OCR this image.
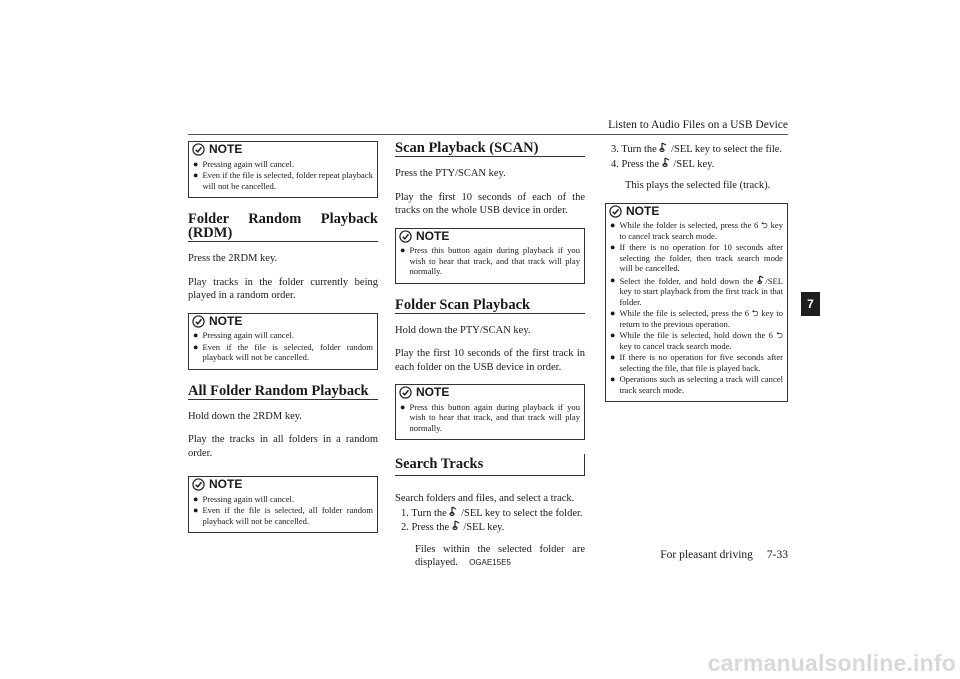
Listen to Audio Files on a USB Device
7
NOTE
● Pressing again will cancel.
● Even if the file is selected, folder repeat playback will not be cancelled.
Folder Random Playback (RDM)

Press the 2RDM key.

Play tracks in the folder currently being played in a random order.

NOTE
● Pressing again will cancel.
● Even if the file is selected, folder random playback will not be cancelled.
All Folder Random Playback

Hold down the 2RDM key.

Play the tracks in all folders in a random order.

NOTE
● Pressing again will cancel.
● Even if the file is selected, all folder random playback will not be cancelled.
Scan Playback (SCAN)

Press the PTY/SCAN key.

Play the first 10 seconds of each of the tracks on the whole USB device in order.

NOTE
● Press this button again during playback if you wish to hear that track, and that track will play normally.
Folder Scan Playback

Hold down the PTY/SCAN key.

Play the first 10 seconds of the first track in each folder on the USB device in order.

NOTE
● Press this button again during playback if you wish to hear that track, and that track will play normally.
Search Tracks

Search folders and files, and select a track.

1. Turn the /SEL key to select the folder.

2. Press the /SEL key.

Files within the selected folder are displayed.

3. Turn the /SEL key to select the file.

4. Press the /SEL key.

This plays the selected file (track).

NOTE
● While the folder is selected, press the 6 ⮌ key to cancel track search mode.
● If there is no operation for 10 seconds after selecting the folder, then track search mode will be cancelled.
● Select the folder, and hold down the /SEL key to start playback from the first track in that folder.
● While the file is selected, press the 6 ⮌ key to return to the previous operation.
● While the file is selected, hold down the 6 ⮌ key to cancel track search mode.
● If there is no operation for five seconds after selecting the file, that file is played back.
● Operations such as selecting a track will cancel track search mode.
OGAE15E5
For pleasant driving 7-33
carmanualsonline.info
